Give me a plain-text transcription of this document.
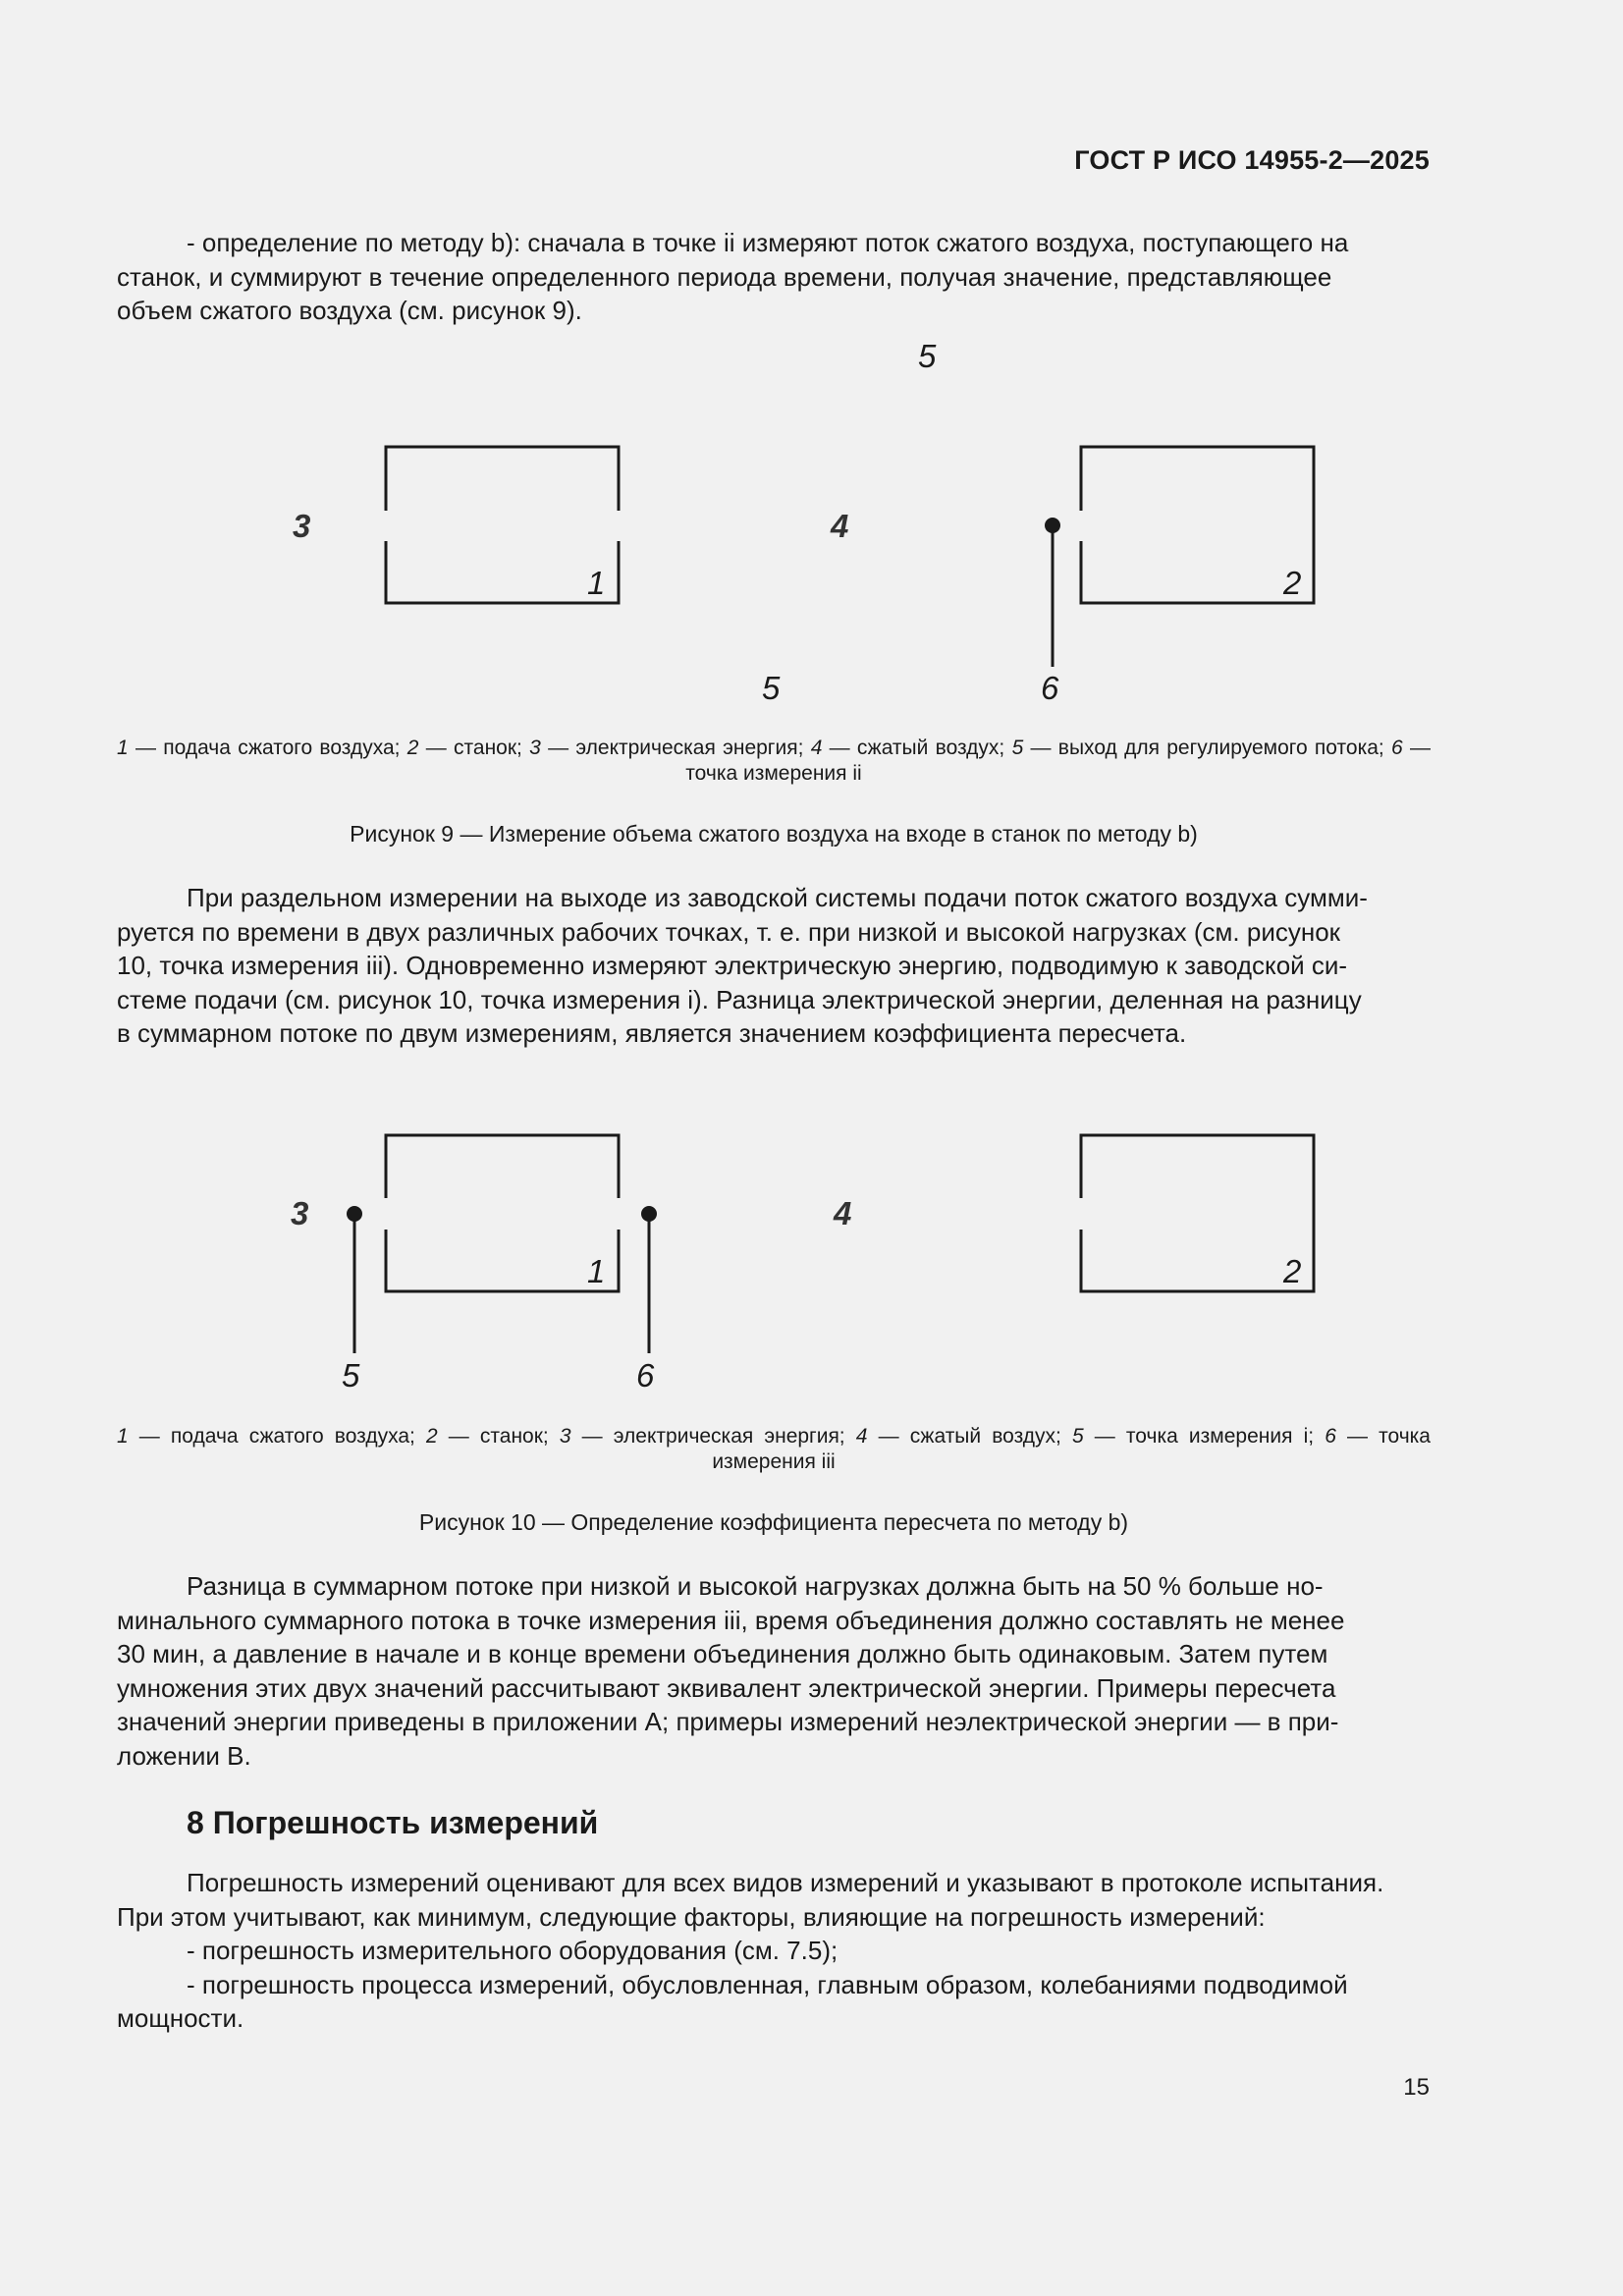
ГОСТ Р ИСО 14955-2—2025

- определение по методу b): сначала в точке ii измеряют поток сжатого воздуха, поступающего на
станок, и суммируют в течение определенного периода времени, получая значение, представляющее
объем сжатого воздуха (см. рисунок 9).

5
3	4
1	2
5	6

1 — подача сжатого воздуха; 2 — станок; 3 — электрическая энергия; 4 — сжатый воздух; 5 — выход для регулируемого потока; 6 — точка измерения ii

Рисунок 9 — Измерение объема сжатого воздуха на входе в станок по методу b)

При раздельном измерении на выходе из заводской системы подачи поток сжатого воздуха сумми-
руется по времени в двух различных рабочих точках, т. е. при низкой и высокой нагрузках (см. рисунок
10, точка измерения iii). Одновременно измеряют электрическую энергию, подводимую к заводской си-
стеме подачи (см. рисунок 10, точка измерения i). Разница электрической энергии, деленная на разницу
в суммарном потоке по двум измерениям, является значением коэффициента пересчета.

3	4
1	2
5	6

1 — подача сжатого воздуха; 2 — станок; 3 — электрическая энергия; 4 — сжатый воздух; 5 — точка измерения i; 6 — точка
измерения iii

Рисунок 10 — Определение коэффициента пересчета по методу b)

Разница в суммарном потоке при низкой и высокой нагрузках должна быть на 50 % больше но-
минального суммарного потока в точке измерения iii, время объединения должно составлять не менее
30 мин, а давление в начале и в конце времени объединения должно быть одинаковым. Затем путем
умножения этих двух значений рассчитывают эквивалент электрической энергии. Примеры пересчета
значений энергии приведены в приложении А; примеры измерений неэлектрической энергии — в при-
ложении В.

8 Погрешность измерений

Погрешность измерений оценивают для всех видов измерений и указывают в протоколе испытания.
При этом учитывают, как минимум, следующие факторы, влияющие на погрешность измерений:
- погрешность измерительного оборудования (см. 7.5);
- погрешность процесса измерений, обусловленная, главным образом, колебаниями подводимой
мощности.

15
